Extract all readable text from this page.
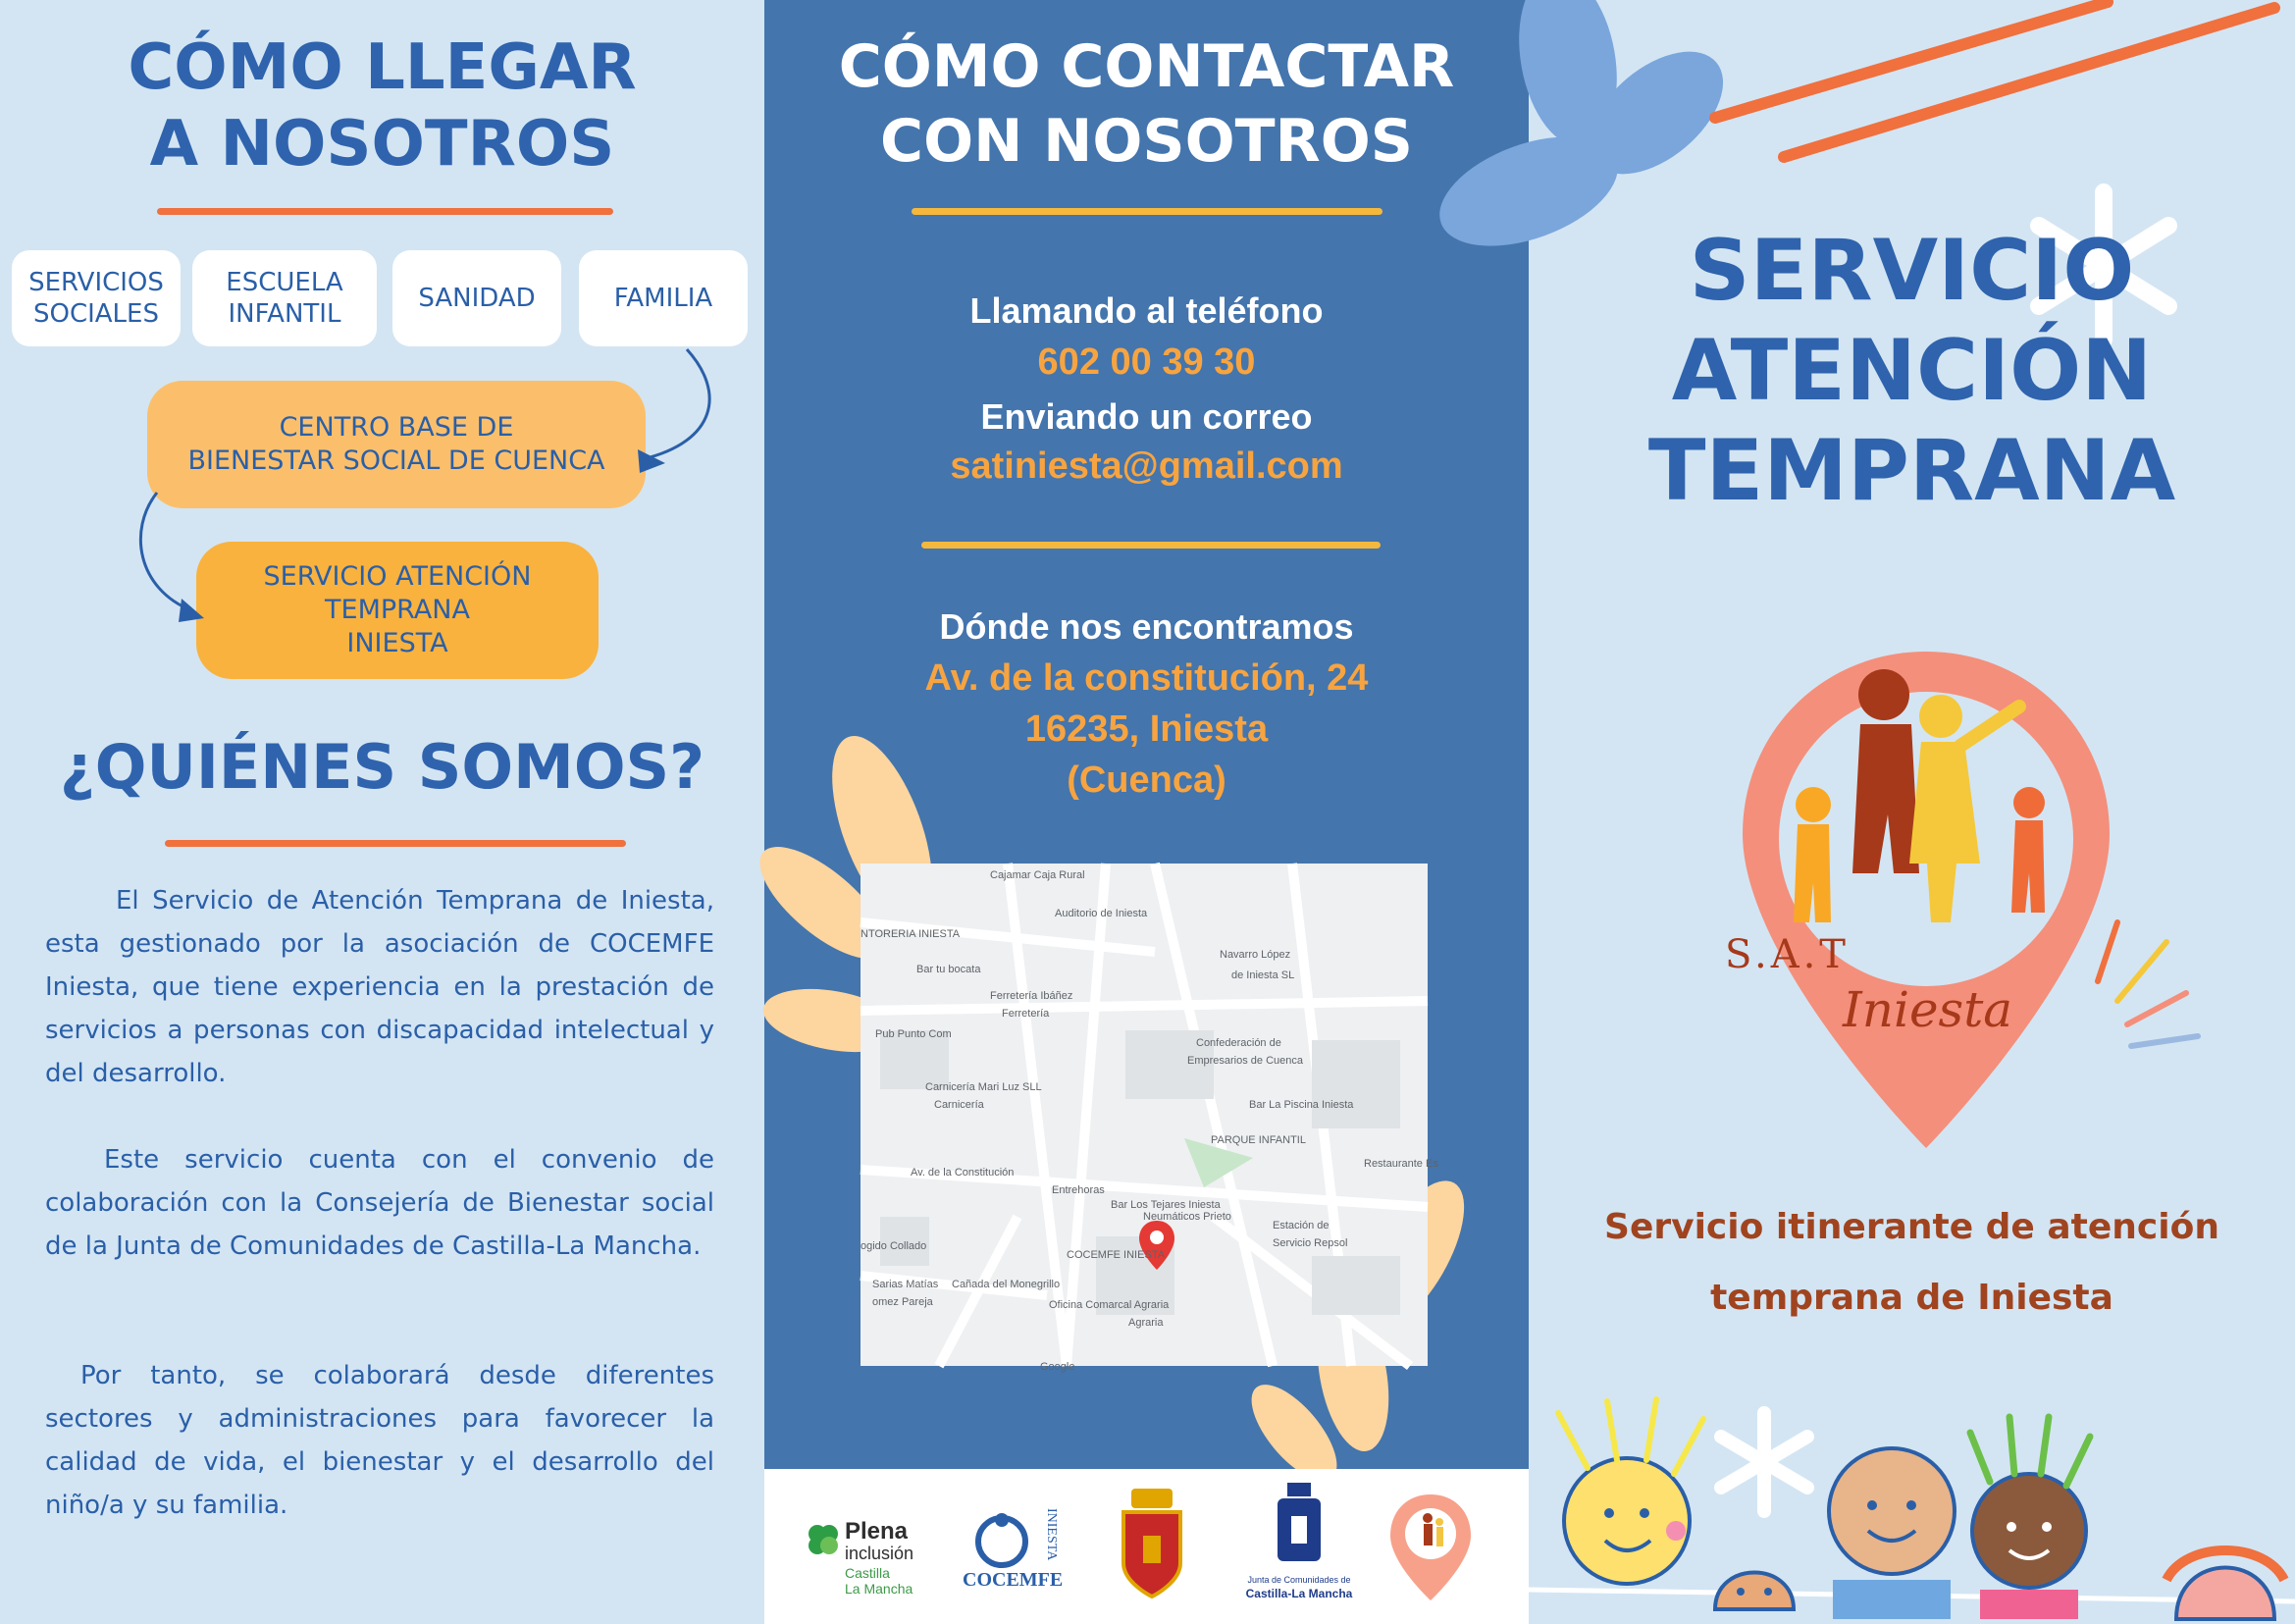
CÓMO LLEGAR
A NOSOTROS
SERVICIOS
SOCIALES
ESCUELA
INFANTIL
SANIDAD	FAMILIA
CENTRO BASE DE
BIENESTAR SOCIAL DE CUENCA
SERVICIO ATENCIÓN
TEMPRANA
INIESTA
¿QUIÉNES SOMOS?

El Servicio de Atención Temprana de Iniesta, esta gestionado por la asociación de COCEMFE Iniesta, que tiene experiencia en la prestación de servicios a personas con discapacidad intelectual y del desarrollo.

Este servicio cuenta con el convenio de colaboración con la Consejería de Bienestar social de la Junta de Comunidades de Castilla-La Mancha.

Por tanto, se colaborará desde diferentes sectores y administraciones para favorecer la calidad de vida, el bienestar y el desarrollo del niño/a y su familia.

CÓMO CONTACTAR
CON NOSOTROS
Llamando al teléfono
602 00 39 30
Enviando un correo
satiniesta@gmail.com
Dónde nos encontramos
Av. de la constitución, 24
16235, Iniesta
(Cuenca)
Cajamar Caja Rural
Auditorio de Iniesta
NTORERIA INIESTA
Bar tu bocata
Navarro López
de Iniesta SL
Ferretería Ibáñez
Ferretería
Pub Punto Com
Confederación de
Empresarios de Cuenca
Carnicería Mari Luz SLL
Carnicería	Bar La Piscina Iniesta
Entrehoras
Bar Los Tejares Iniesta
PARQUE INFANTIL
Restaurante Es
Av. de la Constitución
Neumáticos Prieto
Estación de
Servicio Repsol
COCEMFE INIESTA
ogido Collado
Sarias Matías
omez Pareja
Cañada del Monegrillo
Oficina Comarcal Agraria
Agraria
Google
Plena
inclusión
Castilla
La Mancha	COCEMFE
INIESTA
Junta de Comunidades de
Castilla-La Mancha
SERVICIO
ATENCIÓN
TEMPRANA
S.A.T
Iniesta
Servicio itinerante de atención
temprana de Iniesta
